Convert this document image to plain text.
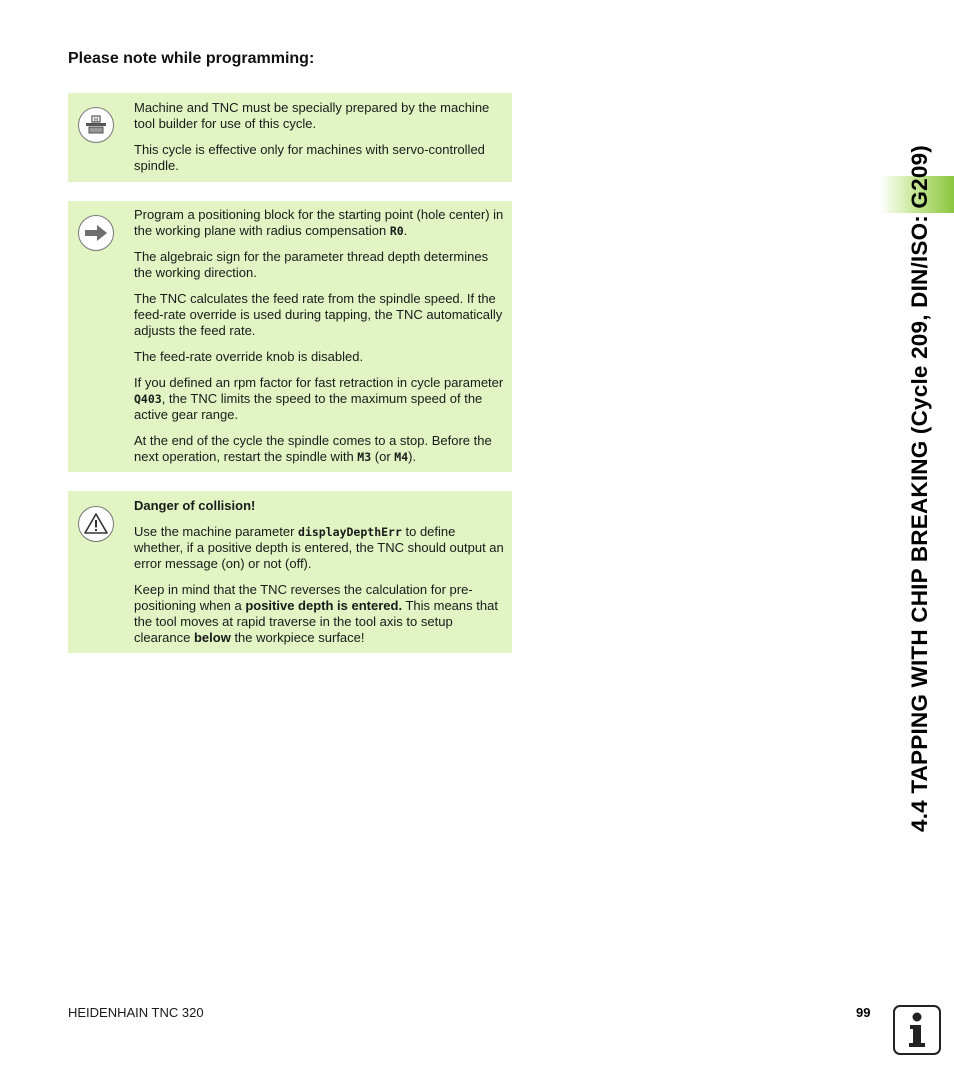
Please note while programming:
M

Machine and TNC must be specially prepared by the machine tool builder for use of this cycle.

This cycle is effective only for machines with servo-controlled spindle.

Program a positioning block for the starting point (hole center) in the working plane with radius compensation R0.

The algebraic sign for the parameter thread depth determines the working direction.

The TNC calculates the feed rate from the spindle speed. If the feed-rate override is used during tapping, the TNC automatically adjusts the feed rate.

The feed-rate override knob is disabled.

If you defined an rpm factor for fast retraction in cycle parameter Q403, the TNC limits the speed to the maximum speed of the active gear range.

At the end of the cycle the spindle comes to a stop. Before the next operation, restart the spindle with M3 (or M4).

Danger of collision!

Use the machine parameter displayDepthErr to define whether, if a positive depth is entered, the TNC should output an error message (on) or not (off).

Keep in mind that the TNC reverses the calculation for pre-positioning when a positive depth is entered. This means that the tool moves at rapid traverse in the tool axis to setup clearance below the workpiece surface!	4.4 TAPPING WITH CHIP BREAKING (Cycle 209, DIN/ISO: G209)
HEIDENHAIN TNC 320	99
